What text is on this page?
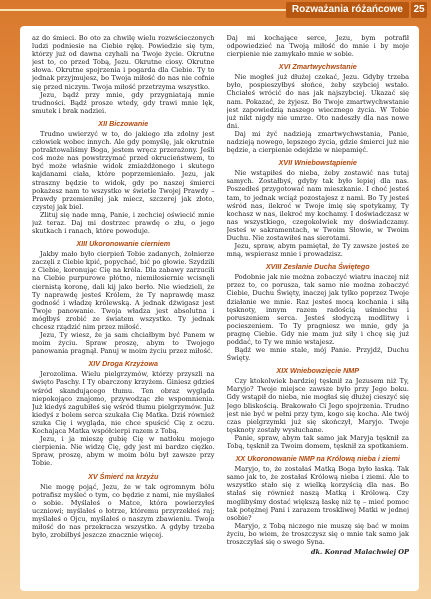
Rozważania różańcowe	25

az do śmieci. Bo oto za chwilę wielu rozwścieczonych ludzi podniesie na Ciebie rękę. Powiedzie się tym, którzy już od dawna czyhali na Twoje życie. Okrutne jest to, co przed Tobą, Jezu. Okrutne ciosy. Okrutne słowa. Okrutne spojrzenia i pogarda dla Ciebie. Ty to jednak przyjmujesz, bo Twoja miłość do nas nie cofnie się przed niczym. Twoja miłość przetrzyma wszystko.

Jezu, bądź przy mnie, gdy przygniatają mnie trudności. Bądź prosze wtedy, gdy trawi mnie lęk, smutek i brak nadziei.

XII Biczowanie

Trudno uwierzyć w to, do jakiego zła zdolny jest człowiek wobec innych. Ale gdy pomyślę, jak okrutnie potraktowaliśmy Boga, jestem wręcz przerażony. Jeśli coś może nas powstrzymać przed okrucieństwem, to być może właśnie widok zmiażdżonego i skutego kajdanami ciała, które poprzemieniało. Jezu, jak straszny będzie to widok, gdy po naszej śmierci pokażesz nam to wszystko w świetle Twojej Prawdy – Prawdy przemieniłej jak miecz, szczerej jak złoto, czystej jak biel.

Zlituj się nade mną, Panie, i zechciej oświecić mnie już teraz. Daj mi dostrzec prawdę o złu, o jego skutkach i ranach, które powoduje.

XIII Ukoronowanie cierniem

Jakby mało było cierpień Tobie zadanych, żołnierze zaczęli z Ciebie kpić, popychać, bić po głowie. Szydzili z Ciebie, koronując Cię na króla. Dla zabawy zarzucili na Ciebie purpurowe płótno, niemiłosiernie wcisnęli ciernistą koronę, dali kij jako berło. Nie wiedzieli, że Ty naprawdę jesteś Królem, że Ty naprawdę masz godność i władzę królewską. A jednak dźwigasz jest Twoje panowanie. Twoja władza jest absolutna i mógłbyś zrobić ze światem wszystko. Ty jednak chcesz rządzić nim przez miłość.

Jezu, Ty wiesz, że ja sam chciałbym być Panem w moim życiu. Spraw proszę, abym to Twojego panowania pragnął. Panuj w moim życiu przez miłość.

XIV Droga Krzyżowa

Jerozolima. Wielu pielgrzymów, którzy przyszli na święto Paschy. I Ty obarczony krzyżem. Giniesz gdzieś wśród skandującego tłumu. Ten obraz wygląda niepokojąco znajomo, przywodząc złe wspomnienia. Już kiedyś zagubiłeś się wśród tłumu pielgrzymów. Już kiedyś z bolem serca szukała Cię Matka. Dziś również szuka Cię i wygląda, nie chce spuścić Cię z oczu. Kochająca Matka współcierpi razem z Tobą.

Jezu, i ja mieszę gubię Cię w natłoku mojego cierpienia. Nie widzę Cię, gdy jest mi bardzo ciężko. Spraw, proszę, abym w moim bólu był zawsze przy Tobie.

XV Śmierć na krzyżu

Nie mogę pojąć, Jezu, że w tak ogromnym bólu potrafisz myśleć o tym, co będzie z nami, nie myślałeś o sobie. Myślałeś o Matce, która powierzyłeś uczniowi; myślałeś o łotrze, któremu przyrzekłeś raj; myślałeś o Ojcu, myślałeś o naszym zbawieniu. Twoja miłość do nas przekracza wszystko. A gdyby trzeba było, zrobiłbyś jeszcze znacznie więcej.

Daj mi kochające serce, Jezu, bym potrafił odpowiedzieć na Twoją miłość do mnie i by moje cierpienie nie zamykało mnie w sobie.

XVI Zmartwychwstanie

Nie mogłeś już dłużej czekać, Jezu. Gdyby trzeba było, pospieszyłbyś słońce, żeby szybciej wstało. Chciałeś wrócić do nas jak najszybciej. Ukazać się nam. Pokazać, że żyjesz. Bo Twoje zmartwychwstanie jest zapowiedzią naszego wiecznego życia. W Tobie już nikt nigdy nie umrze. Oto nadeszły dla nas nowe dni.

Daj mi żyć nadzieją zmartwychwstania, Panie, nadzieją nowego, lepszego życia, gdzie śmierci już nie będzie, a cierpienie odejdzie w niepamięć.

XVII Wniebowstąpienie

Nie wstąpiłeś do nieba, żeby zostawić nas tutaj samych. Zostałbyś, gdyby tak było lepiej dla nas. Poszedłeś przygotować nam mieszkanie. I choć jesteś tam, to jednak wciąż pozostajesz z nami. Bo Ty jesteś wśród nas, ilekroć w Twoje imię się spotykamy, Ty kochasz w nas, ilekroć my kochamy. I doświadczasz w nas wszystkiego, czegokolwiek my doświadczamy. Jesteś w sakramentach, w Twoim Słowie, w Twoim Duchu. Nie zostawiłeś nas sierotami.

Jezu, spraw, abym pamiętał, że Ty zawsze jesteś ze mną, wspierasz mnie i prowadzisz.

XVIII Zesłanie Ducha Świętego

Podobnie jak nie można zobaczyć wiatru inaczej niż przez to, co porusza, tak samo nie można zobaczyć Ciebie, Duchu Święty, inaczej jak tylko poprzez Twoje działanie we mnie. Raz jesteś mocą kochania i siłą tęsknoty, innym razem radością uśmiechu i poruszeniem serca. Jesteś słodyczą modlitwy i pocieszeniem. To Ty pragniesz we mnie, gdy ja pragnę Ciebie. Gdy nie mam już siły i chcę się już poddać, to Ty we mnie wstajesz.

Bądź we mnie stale, mój Panie. Przyjdź, Duchu Święty.

XIX Wniebowzięcie NMP

Czy ktokolwiek bardziej tęsknił za Jezusem niż Ty, Maryjo? Twoje miejsce zawsze było przy Jego boku. Gdy wstąpił do nieba, nie mogłaś się dłużej cieszyć się Jego bliskością. Brakowało Ci Jego spojrzenia. Trudno jest nie być w pełni przy tym, kogo się kocha. Ale twój czas pielgrzymki już się skończył, Maryjo. Twoje tęsknoty zostały wysłuchane.

Panie, spraw, abym tak samo jak Maryja tęsknił za Tobą, tęsknił za Twoim domem, tęsknił za spotkaniem.

XX Ukoronowanie NMP na Królową nieba i ziemi

Maryjo, to, że zostałaś Matką Boga było łaską. Tak samo jak to, że zostałaś Królową nieba i ziemi. Ale to wszystko stało się z wielką korzyścią dla nas. Bo stałaś się również naszą Matką i Królową. Czy moglibyśmy dostać większą łaskę niż tę – mieć pomoc tak potężnej Pani i zarazem troskliwej Matki w jednej osobie?

Maryjo, z Tobą niczego nie muszę się bać w moim życiu, bo wiem, że troszczysz się o mnie tak samo jak troszczyłaś się o swego Syna.

dk. Konrad Malachwiej OP
